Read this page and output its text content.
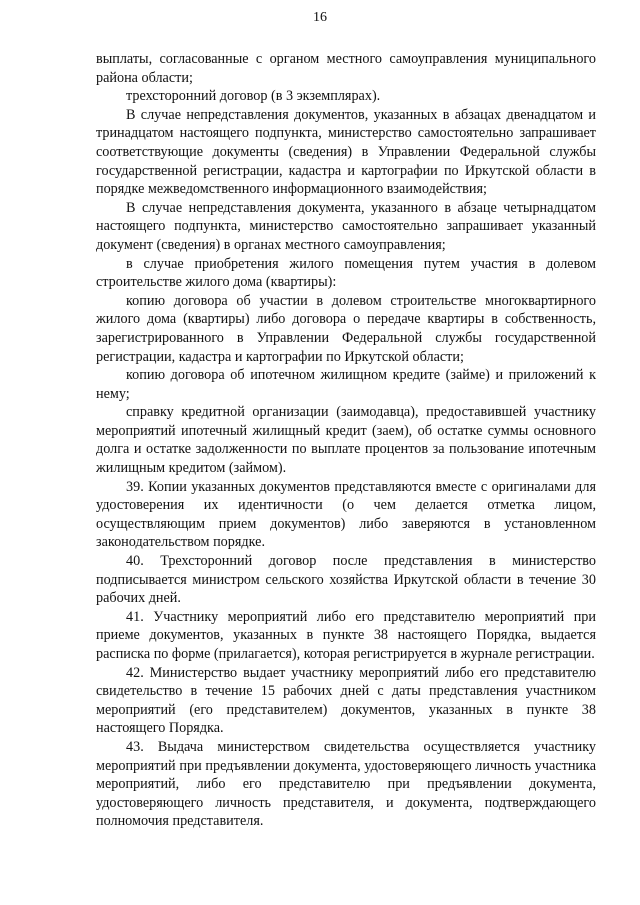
16

выплаты, согласованные с органом местного самоуправления муниципального района области;

трехсторонний договор (в 3 экземплярах).

В случае непредставления документов, указанных в абзацах двенадцатом и тринадцатом настоящего подпункта, министерство самостоятельно запрашивает соответствующие документы (сведения) в Управлении Федеральной службы государственной регистрации, кадастра и картографии по Иркутской области в порядке межведомственного информационного взаимодействия;

В случае непредставления документа, указанного в абзаце четырнадцатом настоящего подпункта, министерство самостоятельно запрашивает указанный документ (сведения) в органах местного самоуправления;

в случае приобретения жилого помещения путем участия в долевом строительстве жилого дома (квартиры):

копию договора об участии в долевом строительстве многоквартирного жилого дома (квартиры) либо договора о передаче квартиры в собственность, зарегистрированного в Управлении Федеральной службы государственной регистрации, кадастра и картографии по Иркутской области;

копию договора об ипотечном жилищном кредите (займе) и приложений к нему;

справку кредитной организации (заимодавца), предоставившей участнику мероприятий ипотечный жилищный кредит (заем), об остатке суммы основного долга и остатке задолженности по выплате процентов за пользование ипотечным жилищным кредитом (займом).

39. Копии указанных документов представляются вместе с оригиналами для удостоверения их идентичности (о чем делается отметка лицом, осуществляющим прием документов) либо заверяются в установленном законодательством порядке.

40. Трехсторонний договор после представления в министерство подписывается министром сельского хозяйства Иркутской области в течение 30 рабочих дней.

41. Участнику мероприятий либо его представителю мероприятий при приеме документов, указанных в пункте 38 настоящего Порядка, выдается расписка по форме (прилагается), которая регистрируется в журнале регистрации.

42. Министерство выдает участнику мероприятий либо его представителю свидетельство в течение 15 рабочих дней с даты представления участником мероприятий (его представителем) документов, указанных в пункте 38 настоящего Порядка.

43. Выдача министерством свидетельства осуществляется участнику мероприятий при предъявлении документа, удостоверяющего личность участника мероприятий, либо его представителю при предъявлении документа, удостоверяющего личность представителя, и документа, подтверждающего полномочия представителя.
